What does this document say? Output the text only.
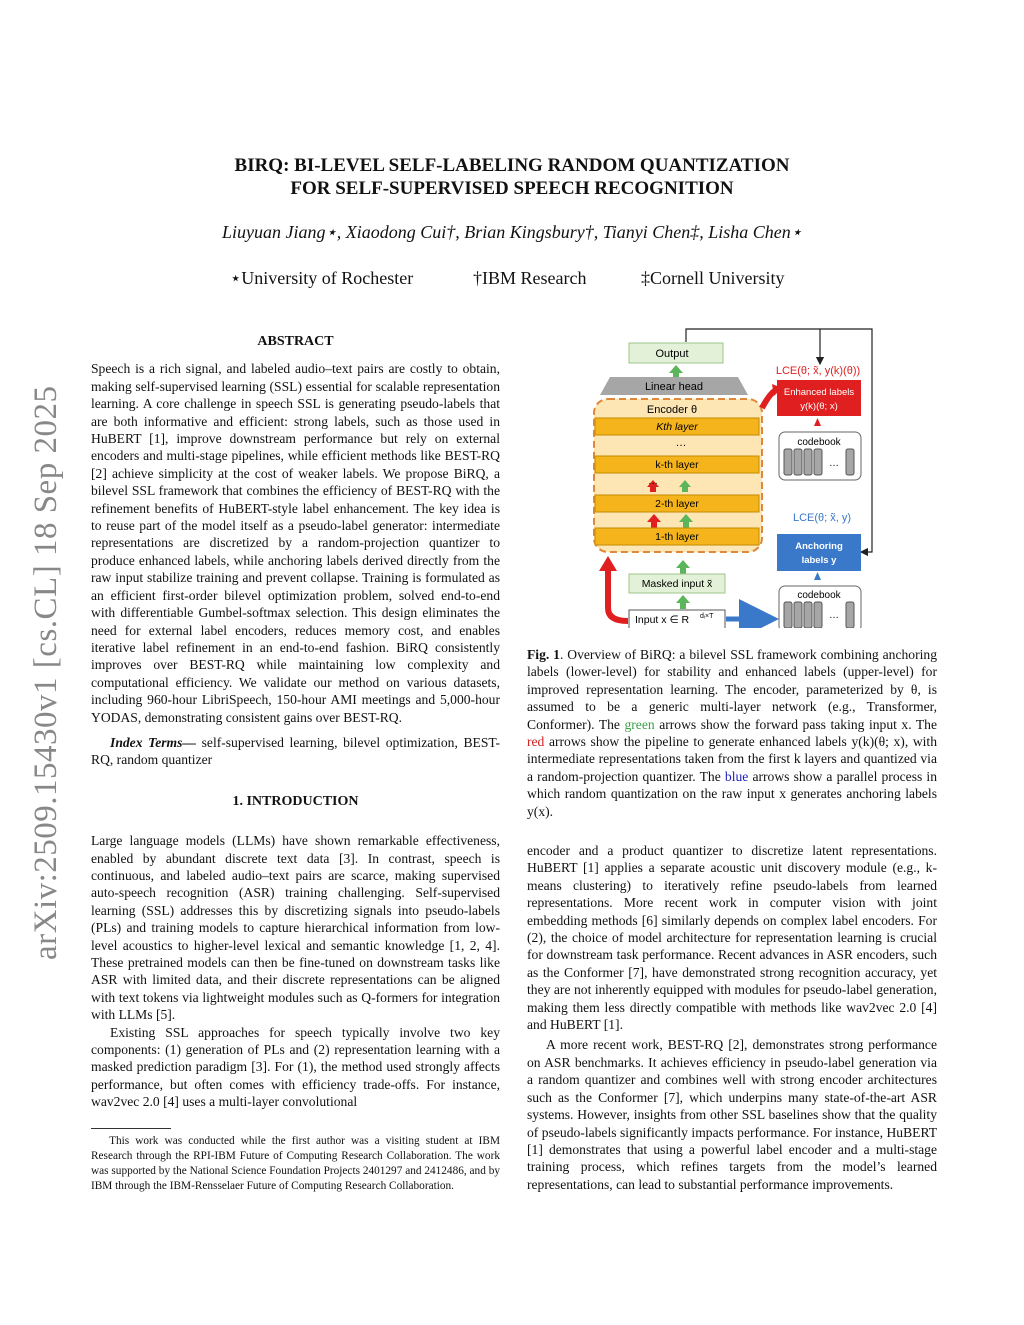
arXiv:2509.15430v1 [cs.CL] 18 Sep 2025
BIRQ: BI-LEVEL SELF-LABELING RANDOM QUANTIZATION
FOR SELF-SUPERVISED SPEECH RECOGNITION
Liuyuan Jiang⋆, Xiaodong Cui†, Brian Kingsbury†, Tianyi Chen‡, Lisha Chen⋆
⋆University of Rochester	†IBM Research	‡Cornell University

ABSTRACT

Speech is a rich signal, and labeled audio–text pairs are costly to obtain, making self-supervised learning (SSL) essential for scalable representation learning. A core challenge in speech SSL is generating pseudo-labels that are both informative and efficient: strong labels, such as those used in HuBERT [1], improve downstream performance but rely on external encoders and multi-stage pipelines, while efficient methods like BEST-RQ [2] achieve simplicity at the cost of weaker labels. We propose BiRQ, a bilevel SSL framework that combines the efficiency of BEST-RQ with the refinement benefits of HuBERT-style label enhancement. The key idea is to reuse part of the model itself as a pseudo-label generator: intermediate representations are discretized by a random-projection quantizer to produce enhanced labels, while anchoring labels derived directly from the raw input stabilize training and prevent collapse. Training is formulated as an efficient first-order bilevel optimization problem, solved end-to-end with differentiable Gumbel-softmax selection. This design eliminates the need for external label encoders, reduces memory cost, and enables iterative label refinement in an end-to-end fashion. BiRQ consistently improves over BEST-RQ while maintaining low complexity and computational efficiency. We validate our method on various datasets, including 960-hour LibriSpeech, 150-hour AMI meetings and 5,000-hour YODAS, demonstrating consistent gains over BEST-RQ.

Index Terms— self-supervised learning, bilevel optimization, BEST-RQ, random quantizer

1. INTRODUCTION

Large language models (LLMs) have shown remarkable effectiveness, enabled by abundant discrete text data [3]. In contrast, speech is continuous, and labeled audio–text pairs are scarce, making supervised auto-speech recognition (ASR) training challenging. Self-supervised learning (SSL) addresses this by discretizing signals into pseudo-labels (PLs) and training models to capture hierarchical information from low-level acoustics to higher-level lexical and semantic knowledge [1, 2, 4]. These pretrained models can then be fine-tuned on downstream tasks like ASR with limited data, and their discrete representations can be aligned with text tokens via lightweight modules such as Q-formers for integration with LLMs [5].

Existing SSL approaches for speech typically involve two key components: (1) generation of PLs and (2) representation learning with a masked prediction paradigm [3]. For (1), the method used strongly affects performance, but often comes with efficiency trade-offs. For instance, wav2vec 2.0 [4] uses a multi-layer convolutional

This work was conducted while the first author was a visiting student at IBM Research through the RPI-IBM Future of Computing Research Collaboration. The work was supported by the National Science Foundation Projects 2401297 and 2412486, and by IBM through the IBM-Rensselaer Future of Computing Research Collaboration.

Output
Linear head
Encoder θ
Kth layer
…
k-th layer
…
2-th layer
1-th layer
Masked input x̃
Input x ∈ R dᵢ×T
LCE(θ; x̃, y(k)(θ))
Enhanced labels
y(k)(θ; x)
codebook
…
LCE(θ; x̃, y)
Anchoring
labels y
codebook
…

Fig. 1. Overview of BiRQ: a bilevel SSL framework combining anchoring labels (lower-level) for stability and enhanced labels (upper-level) for improved representation learning. The encoder, parameterized by θ, is assumed to be a generic multi-layer network (e.g., Transformer, Conformer). The green arrows show the forward pass taking input x. The red arrows show the pipeline to generate enhanced labels y(k)(θ; x), with intermediate representations taken from the first k layers and quantized via a random-projection quantizer. The blue arrows show a parallel process in which random quantization on the raw input x generates anchoring labels y(x).

encoder and a product quantizer to discretize latent representations. HuBERT [1] applies a separate acoustic unit discovery module (e.g., k-means clustering) to iteratively refine pseudo-labels from learned representations. More recent work in computer vision with joint embedding methods [6] similarly depends on complex label encoders. For (2), the choice of model architecture for representation learning is crucial for downstream task performance. Recent advances in ASR encoders, such as the Conformer [7], have demonstrated strong recognition accuracy, yet they are not inherently equipped with modules for pseudo-label generation, making them less directly compatible with methods like wav2vec 2.0 [4] and HuBERT [1].

A more recent work, BEST-RQ [2], demonstrates strong performance on ASR benchmarks. It achieves efficiency in pseudo-label generation via a random quantizer and combines well with strong encoder architectures such as the Conformer [7], which underpins many state-of-the-art ASR systems. However, insights from other SSL baselines show that the quality of pseudo-labels significantly impacts performance. For instance, HuBERT [1] demonstrates that using a powerful label encoder and a multi-stage training process, which refines targets from the model’s learned representations, can lead to substantial performance improvements.
